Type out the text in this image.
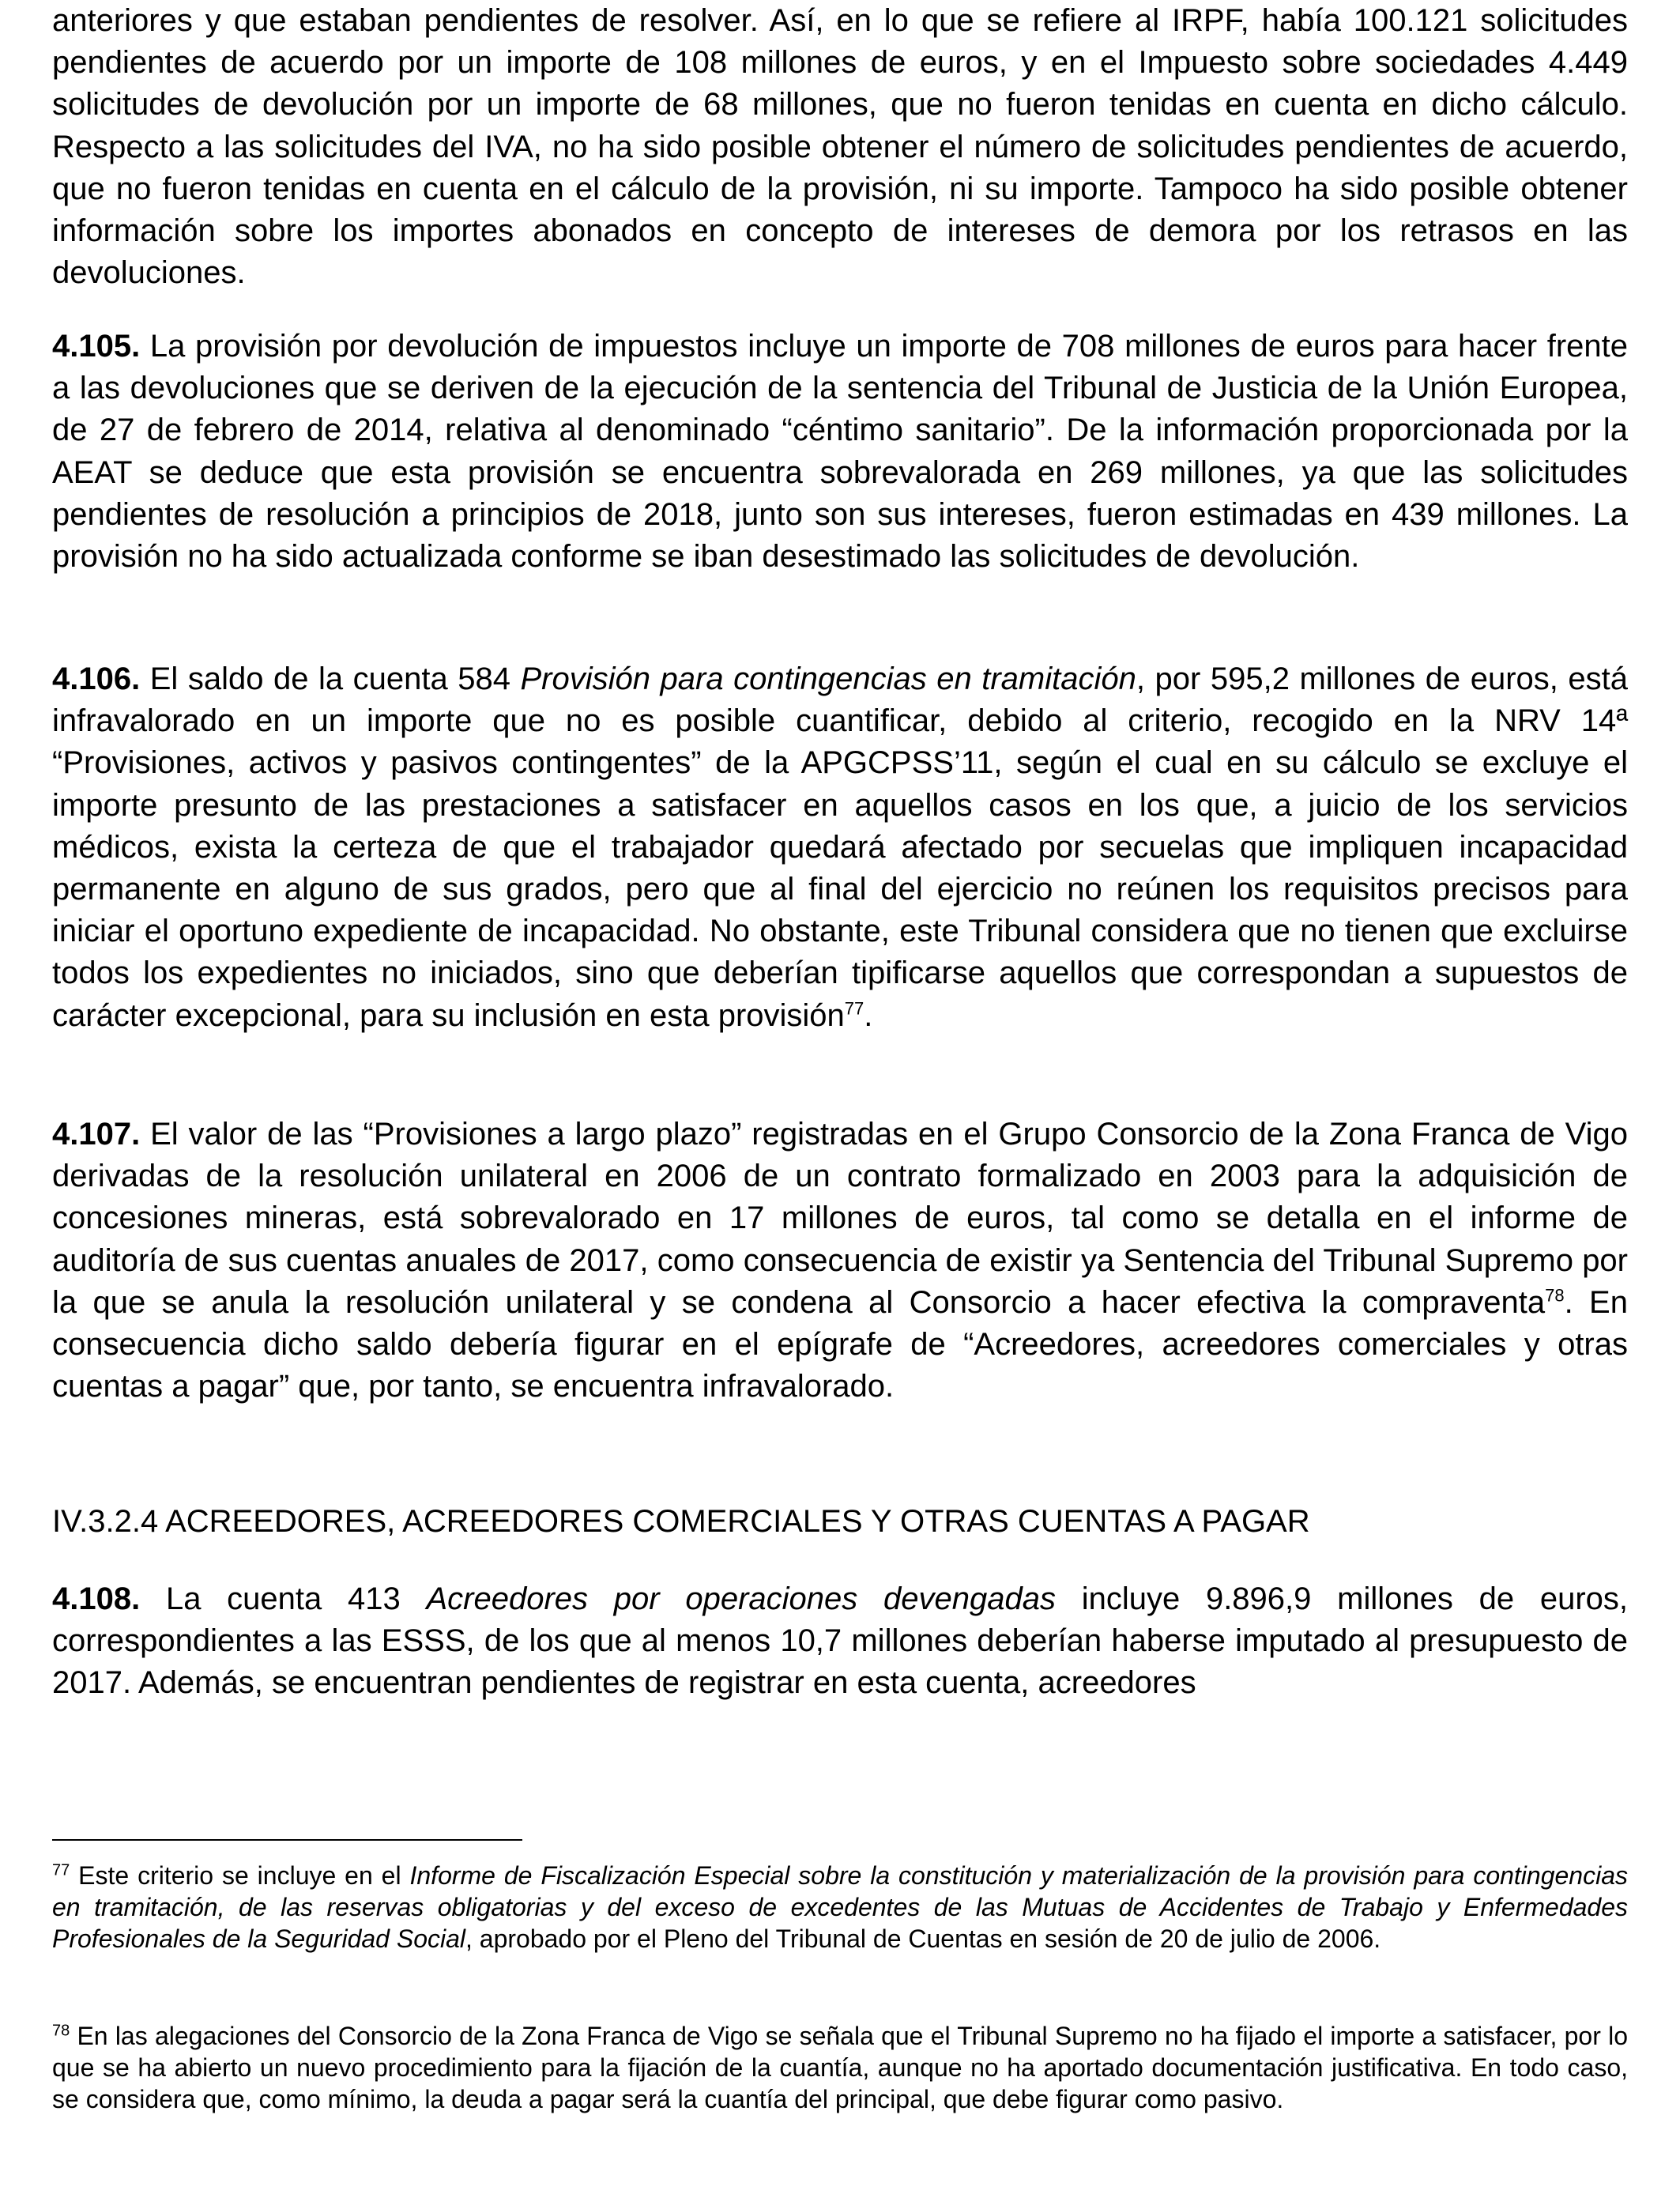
anteriores y que estaban pendientes de resolver. Así, en lo que se refiere al IRPF, había 100.121 solicitudes pendientes de acuerdo por un importe de 108 millones de euros, y en el Impuesto sobre sociedades 4.449 solicitudes de devolución por un importe de 68 millones, que no fueron tenidas en cuenta en dicho cálculo. Respecto a las solicitudes del IVA, no ha sido posible obtener el número de solicitudes pendientes de acuerdo, que no fueron tenidas en cuenta en el cálculo de la provisión, ni su importe. Tampoco ha sido posible obtener información sobre los importes abonados en concepto de intereses de demora por los retrasos en las devoluciones.

4.105. La provisión por devolución de impuestos incluye un importe de 708 millones de euros para hacer frente a las devoluciones que se deriven de la ejecución de la sentencia del Tribunal de Justicia de la Unión Europea, de 27 de febrero de 2014, relativa al denominado “céntimo sanitario”. De la información proporcionada por la AEAT se deduce que esta provisión se encuentra sobrevalorada en 269 millones, ya que las solicitudes pendientes de resolución a principios de 2018, junto son sus intereses, fueron estimadas en 439 millones. La provisión no ha sido actualizada conforme se iban desestimado las solicitudes de devolución.

4.106. El saldo de la cuenta 584 Provisión para contingencias en tramitación, por 595,2 millones de euros, está infravalorado en un importe que no es posible cuantificar, debido al criterio, recogido en la NRV 14ª “Provisiones, activos y pasivos contingentes” de la APGCPSS’11, según el cual en su cálculo se excluye el importe presunto de las prestaciones a satisfacer en aquellos casos en los que, a juicio de los servicios médicos, exista la certeza de que el trabajador quedará afectado por secuelas que impliquen incapacidad permanente en alguno de sus grados, pero que al final del ejercicio no reúnen los requisitos precisos para iniciar el oportuno expediente de incapacidad. No obstante, este Tribunal considera que no tienen que excluirse todos los expedientes no iniciados, sino que deberían tipificarse aquellos que correspondan a supuestos de carácter excepcional, para su inclusión en esta provisión$^{77}$.

4.107. El valor de las “Provisiones a largo plazo” registradas en el Grupo Consorcio de la Zona Franca de Vigo derivadas de la resolución unilateral en 2006 de un contrato formalizado en 2003 para la adquisición de concesiones mineras, está sobrevalorado en 17 millones de euros, tal como se detalla en el informe de auditoría de sus cuentas anuales de 2017, como consecuencia de existir ya Sentencia del Tribunal Supremo por la que se anula la resolución unilateral y se condena al Consorcio a hacer efectiva la compraventa$^{78}$. En consecuencia dicho saldo debería figurar en el epígrafe de “Acreedores, acreedores comerciales y otras cuentas a pagar” que, por tanto, se encuentra infravalorado.

IV.3.2.4 ACREEDORES, ACREEDORES COMERCIALES Y OTRAS CUENTAS A PAGAR

4.108. La cuenta 413 Acreedores por operaciones devengadas incluye 9.896,9 millones de euros, correspondientes a las ESSS, de los que al menos 10,7 millones deberían haberse imputado al presupuesto de 2017. Además, se encuentran pendientes de registrar en esta cuenta, acreedores

$^{77}$ Este criterio se incluye en el Informe de Fiscalización Especial sobre la constitución y materialización de la provisión para contingencias en tramitación, de las reservas obligatorias y del exceso de excedentes de las Mutuas de Accidentes de Trabajo y Enfermedades Profesionales de la Seguridad Social, aprobado por el Pleno del Tribunal de Cuentas en sesión de 20 de julio de 2006.

$^{78}$ En las alegaciones del Consorcio de la Zona Franca de Vigo se señala que el Tribunal Supremo no ha fijado el importe a satisfacer, por lo que se ha abierto un nuevo procedimiento para la fijación de la cuantía, aunque no ha aportado documentación justificativa. En todo caso, se considera que, como mínimo, la deuda a pagar será la cuantía del principal, que debe figurar como pasivo.
